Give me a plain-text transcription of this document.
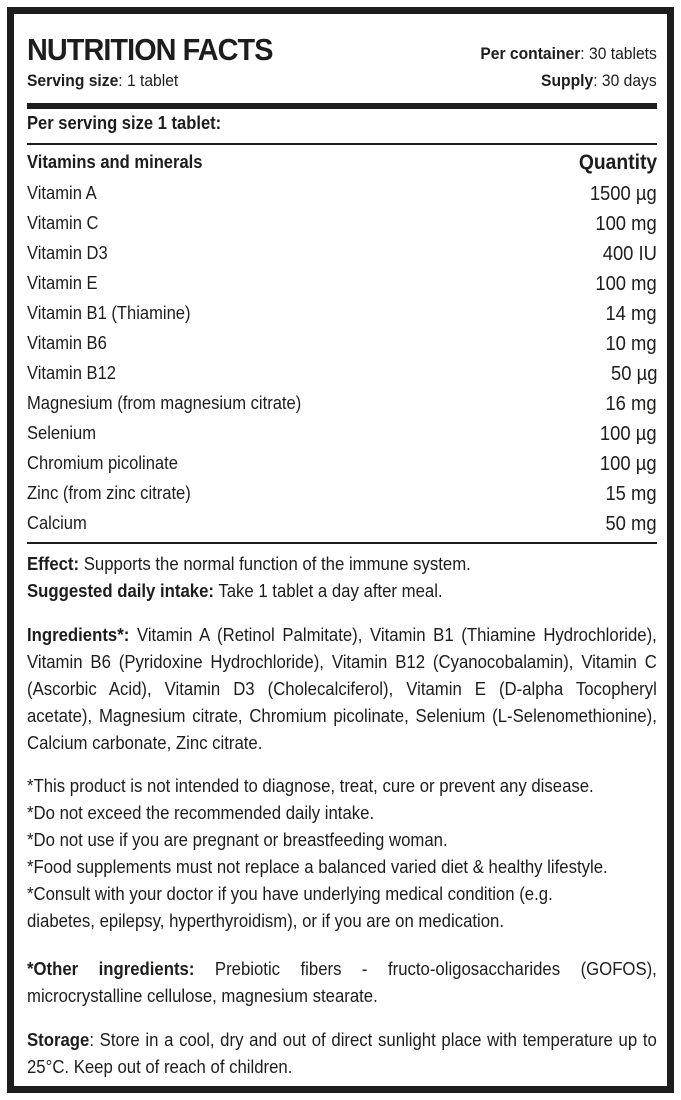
NUTRITION FACTS
Serving size: 1 tablet
Per container: 30 tablets
Supply: 30 days
Per serving size 1 tablet:
Vitamins and minerals	Quantity
Vitamin A	1500 µg
Vitamin C	100 mg
Vitamin D3	400 IU
Vitamin E	100 mg
Vitamin B1 (Thiamine)	14 mg
Vitamin B6	10 mg
Vitamin B12	50 µg
Magnesium (from magnesium citrate)	16 mg
Selenium	100 µg
Chromium picolinate	100 µg
Zinc (from zinc citrate)	15 mg
Calcium	50 mg
Effect: Supports the normal function of the immune system.
Suggested daily intake: Take 1 tablet a day after meal.
Ingredients*: Vitamin A (Retinol Palmitate), Vitamin B1 (Thiamine Hydrochloride), Vitamin B6 (Pyridoxine Hydrochloride), Vitamin B12 (Cyanocobalamin), Vitamin C (Ascorbic Acid), Vitamin D3 (Cholecalciferol), Vitamin E (D-alpha Tocopheryl acetate), Magnesium citrate, Chromium picolinate, Selenium (L-Selenomethionine), Calcium carbonate, Zinc citrate.
*This product is not intended to diagnose, treat, cure or prevent any disease.
*Do not exceed the recommended daily intake.
*Do not use if you are pregnant or breastfeeding woman.
*Food supplements must not replace a balanced varied diet & healthy lifestyle.
*Consult with your doctor if you have underlying medical condition (e.g.
diabetes, epilepsy, hyperthyroidism), or if you are on medication.
*Other ingredients: Prebiotic fibers - fructo-oligosaccharides (GOFOS), microcrystalline cellulose, magnesium stearate.
Storage: Store in a cool, dry and out of direct sunlight place with temperature up to 25°C. Keep out of reach of children.
